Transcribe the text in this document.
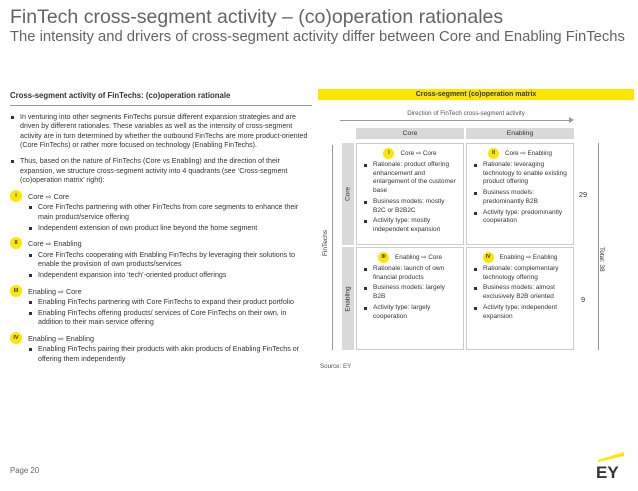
FinTech cross-segment activity – (co)operation rationales
The intensity and drivers of cross-segment activity differ between Core and Enabling FinTechs
Cross-segment activity of FinTechs: (co)operation rationale
In venturing into other segments FinTechs pursue different expansion strategies and are driven by different rationales. These variables as well as the intensity of cross-segment activity are in turn determined by whether the outbound FinTechs are more product-oriented (Core FinTechs) or rather more focused on technology (Enabling FinTechs).
Thus, based on the nature of FinTechs (Core vs Enabling) and the direction of their expansion, we structure cross-segment activity into 4 quadrants (see ‘Cross-segment (co)operation matrix’ right):
I	Core ⇨ Core
Core FinTechs partnering with other FinTechs from core segments to enhance their main product/service offering
Independent extension of own product line beyond the home segment
II	Core ⇨ Enabling
Core FinTechs cooperating with Enabling FinTechs by leveraging their solutions to enable the provision of own products/services
Independent expansion into ‘tech’-oriented product offerings
III	Enabling ⇨ Core
Enabling FinTechs partnering with Core FinTechs to expand their product portfolio
Enabling FinTechs offering products/ services of Core FinTechs on their own, in addition to their main service offering
IV	Enabling ⇨ Enabling
Enabling FinTechs pairing their products with akin products of Enabling FinTechs or offering them independently
Cross-segment (co)operation matrix
Direction of FinTech cross-segment activity
Core	Enabling
FinTechs
Core
Enabling
I Core ⇨ Core
Rationale: product offering enhancement and enlargement of the customer base
Business models: mostly B2C or B2B2C
Activity type: mostly independent expansion
II Core ⇨ Enabling
Rationale: leveraging technology to enable existing product offering
Business models: predominantly B2B
Activity type: predominantly cooperation
III Enabling ⇨ Core
Rationale: launch of own financial products
Business models: largely B2B
Activity type: largely cooperation
IV Enabling ⇨ Enabling
Rationale: complementary technology offering
Business models: almost exclusively B2B oriented
Activity type: independent expansion
29
9
Total: 38
Source: EY
Page 20	EY
